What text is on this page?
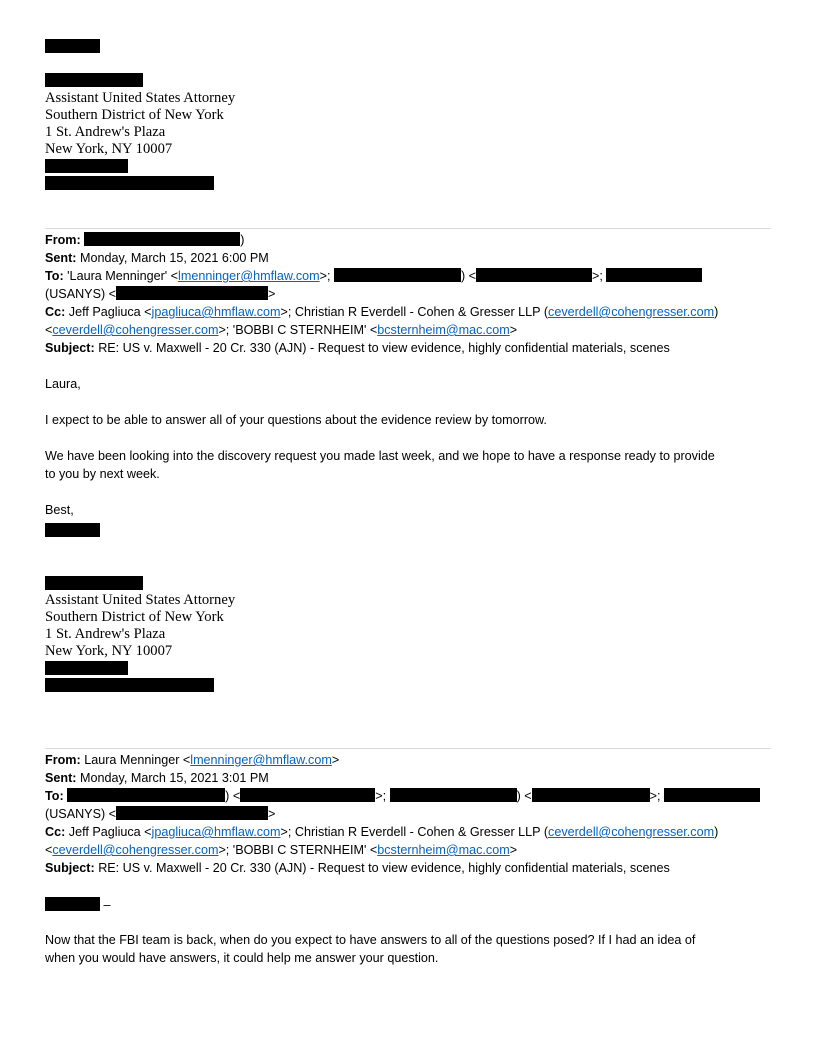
Assistant United States Attorney
Southern District of New York
1 St. Andrew's Plaza
New York, NY 10007
From:	)
Sent: Monday, March 15, 2021 6:00 PM
To: 'Laura Menninger' <lmenninger@hmflaw.com>;	) <	>;
(USANYS) <	>
Cc: Jeff Pagliuca <jpagliuca@hmflaw.com>; Christian R Everdell - Cohen & Gresser LLP (ceverdell@cohengresser.com)
<ceverdell@cohengresser.com>; 'BOBBI C STERNHEIM' <bcsternheim@mac.com>
Subject: RE: US v. Maxwell - 20 Cr. 330 (AJN) - Request to view evidence, highly confidential materials, scenes
Laura,
I expect to be able to answer all of your questions about the evidence review by tomorrow.
We have been looking into the discovery request you made last week, and we hope to have a response ready to provide
to you by next week.
Best,
Assistant United States Attorney
Southern District of New York
1 St. Andrew's Plaza
New York, NY 10007
From: Laura Menninger <lmenninger@hmflaw.com>
Sent: Monday, March 15, 2021 3:01 PM
To:	) <	>;	) <	>;
(USANYS) <	>
Cc: Jeff Pagliuca <jpagliuca@hmflaw.com>; Christian R Everdell - Cohen & Gresser LLP (ceverdell@cohengresser.com)
<ceverdell@cohengresser.com>; 'BOBBI C STERNHEIM' <bcsternheim@mac.com>
Subject: RE: US v. Maxwell - 20 Cr. 330 (AJN) - Request to view evidence, highly confidential materials, scenes
–
Now that the FBI team is back, when do you expect to have answers to all of the questions posed? If I had an idea of
when you would have answers, it could help me answer your question.
